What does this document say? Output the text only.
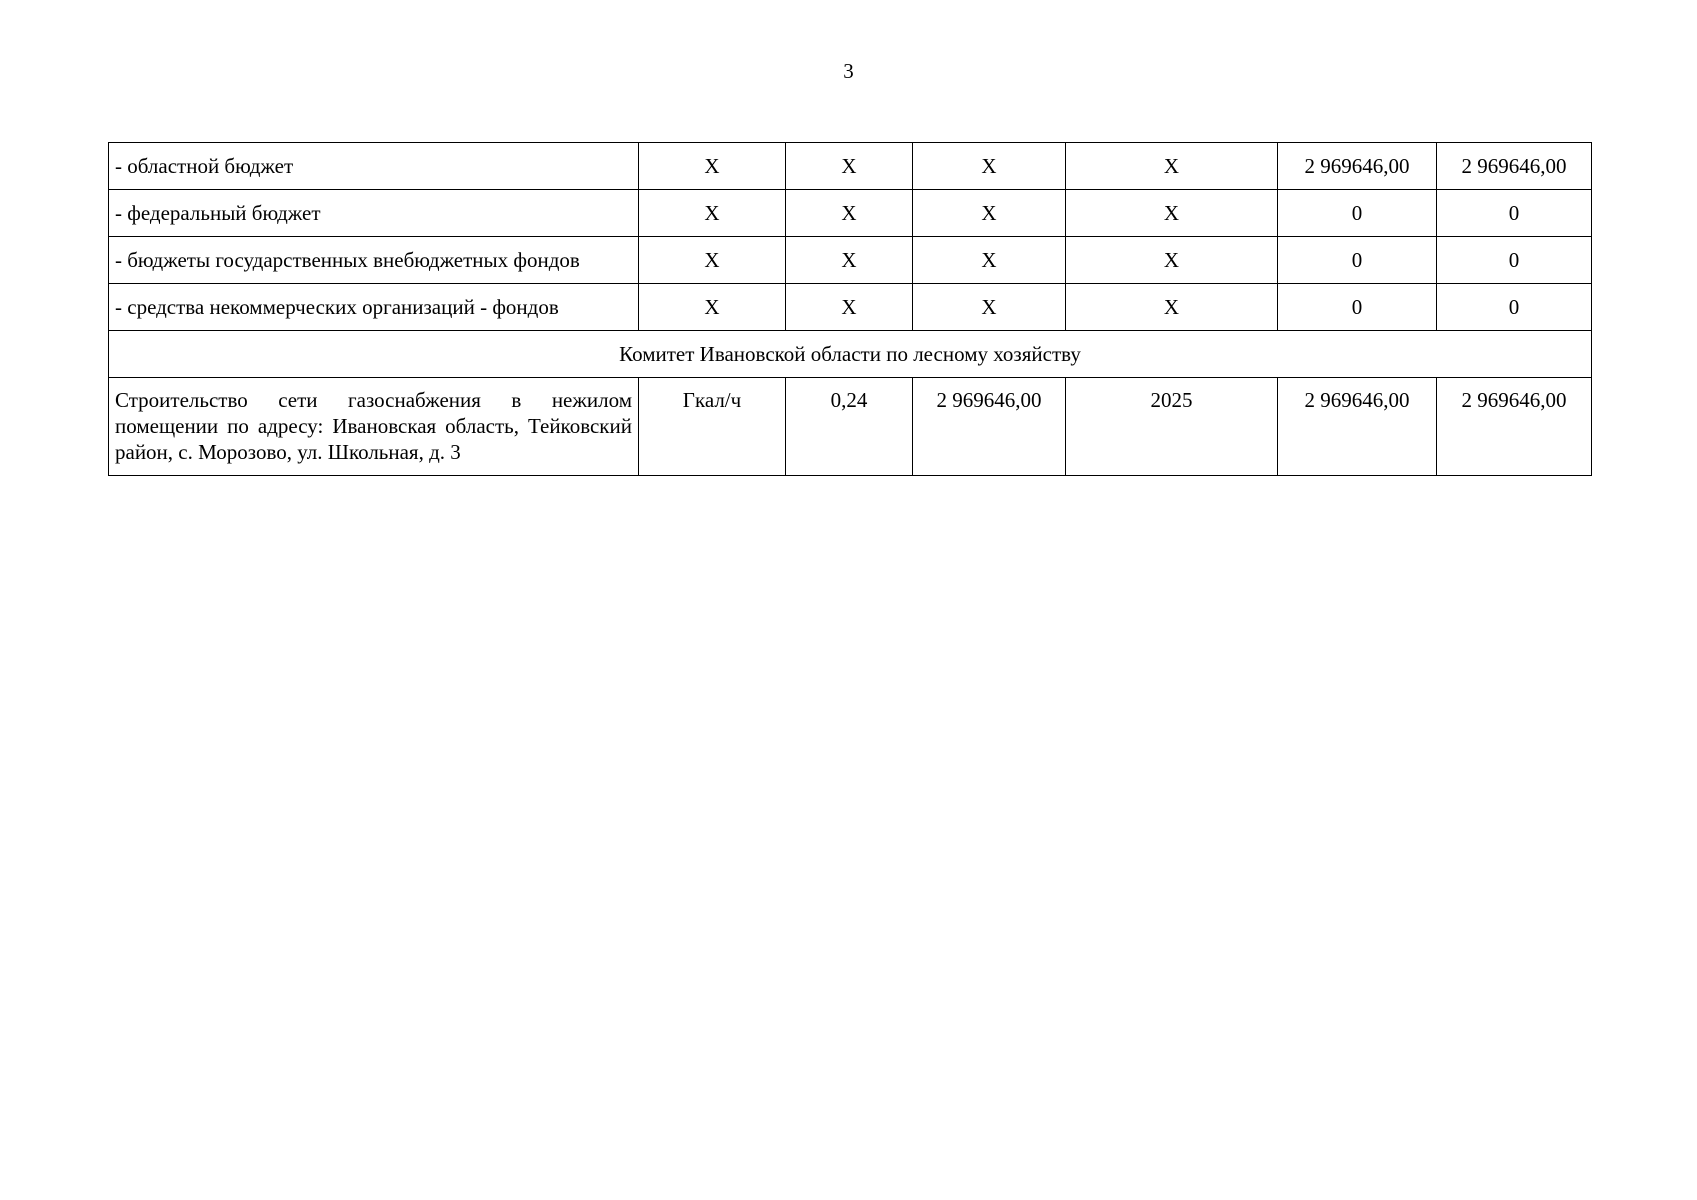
3
- областной бюджет	Х	Х	Х	Х	2 969646,00	2 969646,00
- федеральный бюджет	Х	Х	Х	Х	0	0
- бюджеты государственных внебюджетных фондов	Х	Х	Х	Х	0	0
- средства некоммерческих организаций - фондов	Х	Х	Х	Х	0	0
Комитет Ивановской области по лесному хозяйству						
Строительство сети газоснабжения в нежилом помещении по адресу: Ивановская область, Тейковский район, с. Морозово, ул. Школьная, д. 3	Гкал/ч	0,24	2 969646,00	2025	2 969646,00	2 969646,00
